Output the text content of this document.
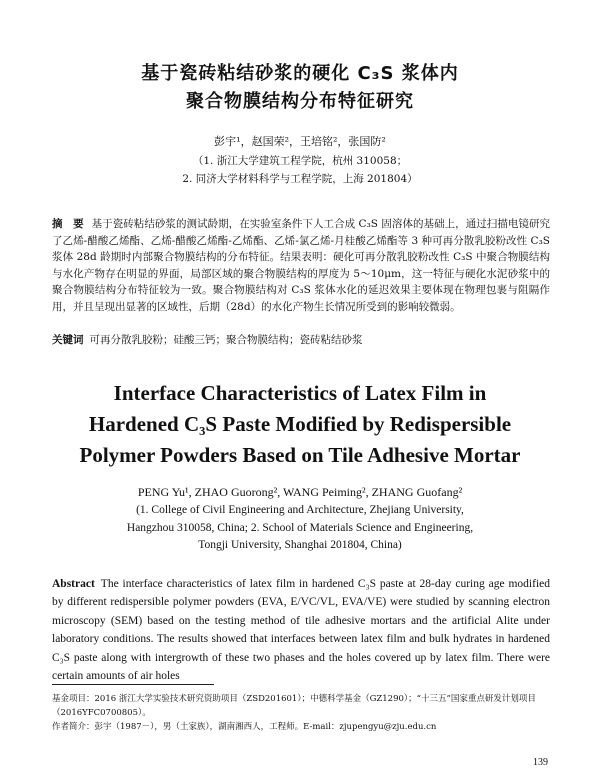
基于瓷砖粘结砂浆的硬化 C₃S 浆体内
聚合物膜结构分布特征研究
彭宇¹，赵国荣²，王培铭²，张国防²
（1. 浙江大学建筑工程学院，杭州 310058；
2. 同济大学材料科学与工程学院，上海 201804）
摘　要 基于瓷砖粘结砂浆的测试龄期，在实验室条件下人工合成 C₃S 固溶体的基础上，通过扫描电镜研究了乙烯-醋酸乙烯酯、乙烯-醋酸乙烯酯-乙烯酯、乙烯-氯乙烯-月桂酸乙烯酯等 3 种可再分散乳胶粉改性 C₃S 浆体 28d 龄期时内部聚合物膜结构的分布特征。结果表明：硬化可再分散乳胶粉改性 C₃S 中聚合物膜结构与水化产物存在明显的界面，局部区域的聚合物膜结构的厚度为 5～10μm，这一特征与硬化水泥砂浆中的聚合物膜结构分布特征较为一致。聚合物膜结构对 C₃S 浆体水化的延迟效果主要体现在物理包裹与阻隔作用，并且呈现出显著的区域性，后期（28d）的水化产物生长情况所受到的影响较微弱。
关键词 可再分散乳胶粉；硅酸三钙；聚合物膜结构；瓷砖粘结砂浆
Interface Characteristics of Latex Film in
Hardened C₃S Paste Modified by Redispersible
Polymer Powders Based on Tile Adhesive Mortar
PENG Yu¹, ZHAO Guorong², WANG Peiming², ZHANG Guofang²
(1. College of Civil Engineering and Architecture, Zhejiang University,
Hangzhou 310058, China; 2. School of Materials Science and Engineering,
Tongji University, Shanghai 201804, China)
Abstract The interface characteristics of latex film in hardened C₃S paste at 28-day curing age modified by different redispersible polymer powders (EVA, E/VC/VL, EVA/VE) were studied by scanning electron microscopy (SEM) based on the testing method of tile adhesive mortars and the artificial Alite under laboratory conditions. The results showed that interfaces between latex film and bulk hydrates in hardened C₃S paste along with intergrowth of these two phases and the holes covered up by latex film. There were certain amounts of air holes

基金项目：2016 浙江大学实验技术研究资助项目（ZSD201601）；中德科学基金（GZ1290）；“十三五”国家重点研发计划项目（2016YFC0700805）。

作者简介：彭宇（1987－），男（土家族），湖南湘西人，工程师。E-mail：zjupengyu@zju.edu.cn

139
